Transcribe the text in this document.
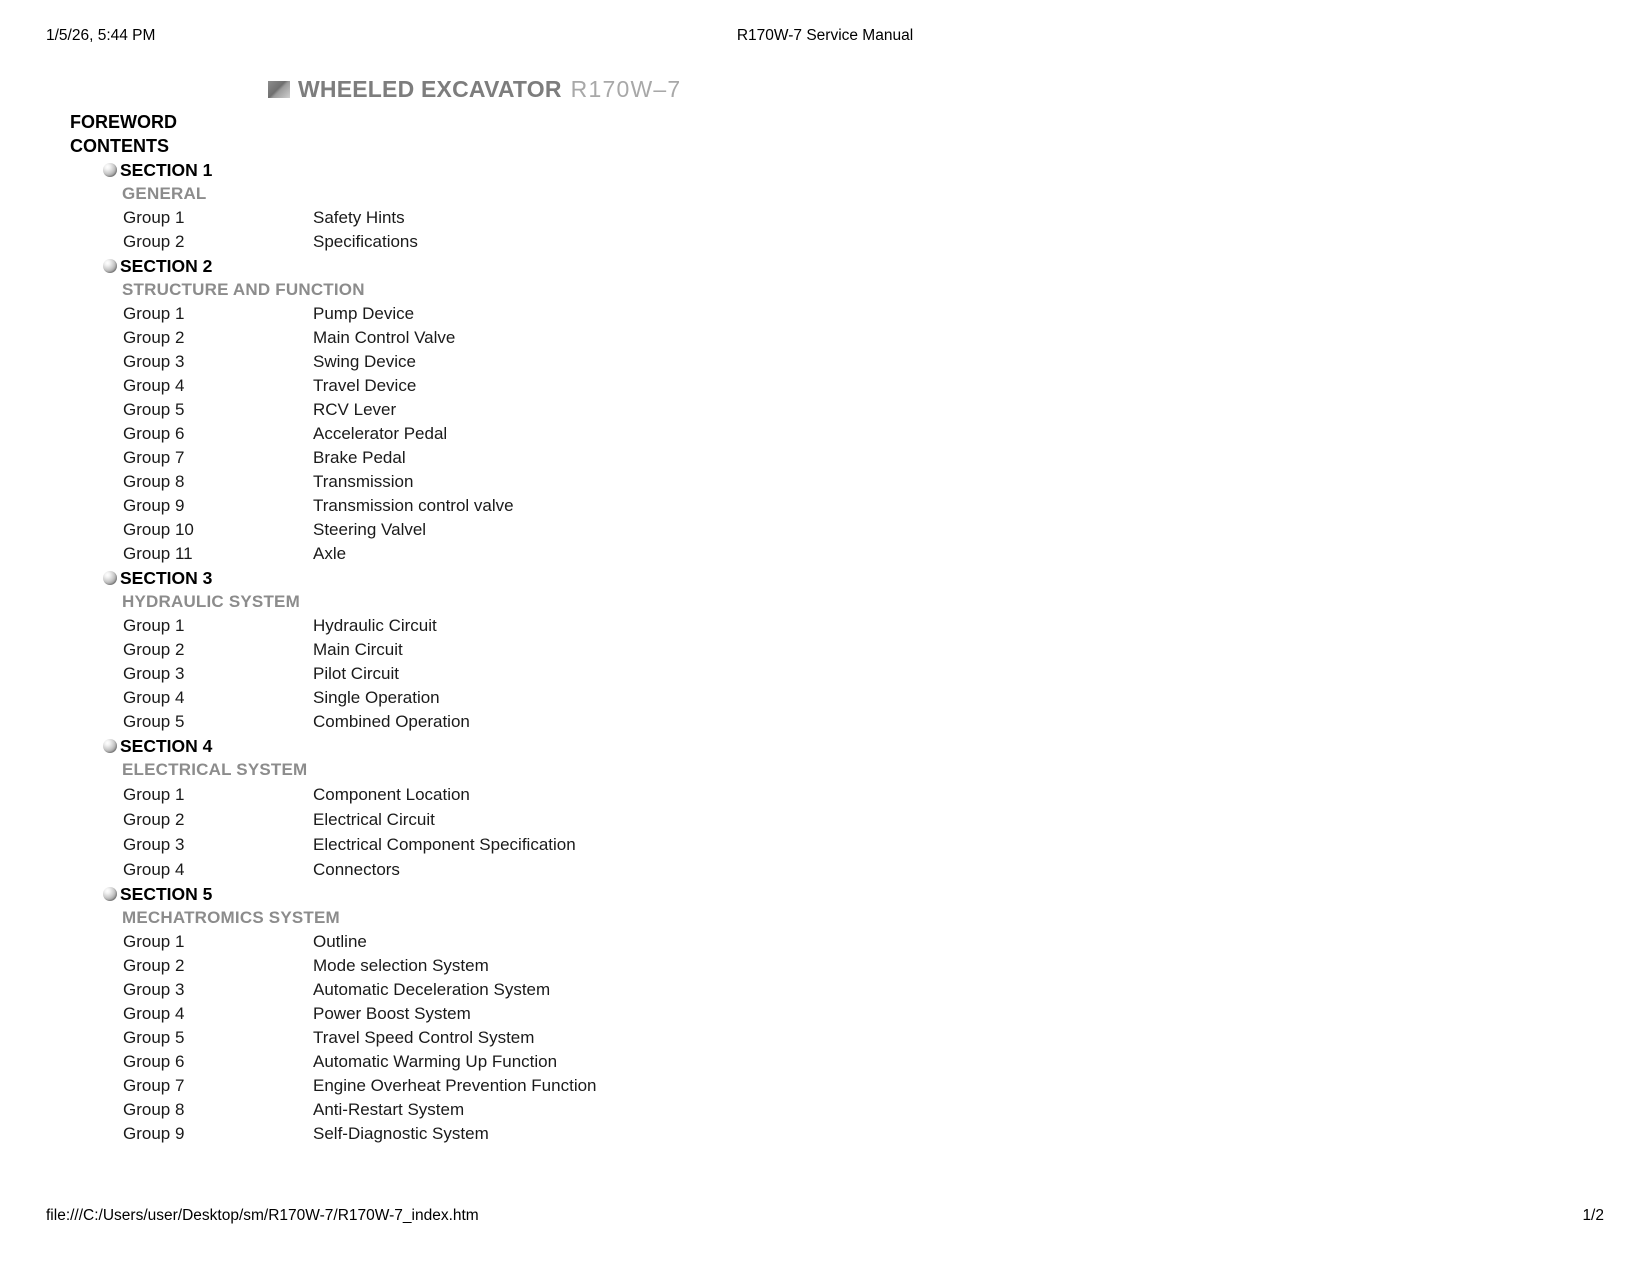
1/5/26, 5:44 PM	R170W-7 Service Manual
WHEELED EXCAVATOR R170W–7
FOREWORD
CONTENTS
SECTION 1
GENERAL
Group 1	Safety Hints
Group 2	Specifications
SECTION 2
STRUCTURE AND FUNCTION
Group 1	Pump Device
Group 2	Main Control Valve
Group 3	Swing Device
Group 4	Travel Device
Group 5	RCV Lever
Group 6	Accelerator Pedal
Group 7	Brake Pedal
Group 8	Transmission
Group 9	Transmission control valve
Group 10	Steering Valvel
Group 11	Axle
SECTION 3
HYDRAULIC SYSTEM
Group 1	Hydraulic Circuit
Group 2	Main Circuit
Group 3	Pilot Circuit
Group 4	Single Operation
Group 5	Combined Operation
SECTION 4
ELECTRICAL SYSTEM
Group 1	Component Location
Group 2	Electrical Circuit
Group 3	Electrical Component Specification
Group 4	Connectors
SECTION 5
MECHATROMICS SYSTEM
Group 1	Outline
Group 2	Mode selection System
Group 3	Automatic Deceleration System
Group 4	Power Boost System
Group 5	Travel Speed Control System
Group 6	Automatic Warming Up Function
Group 7	Engine Overheat Prevention Function
Group 8	Anti-Restart System
Group 9	Self-Diagnostic System
file:///C:/Users/user/Desktop/sm/R170W-7/R170W-7_index.htm	1/2
